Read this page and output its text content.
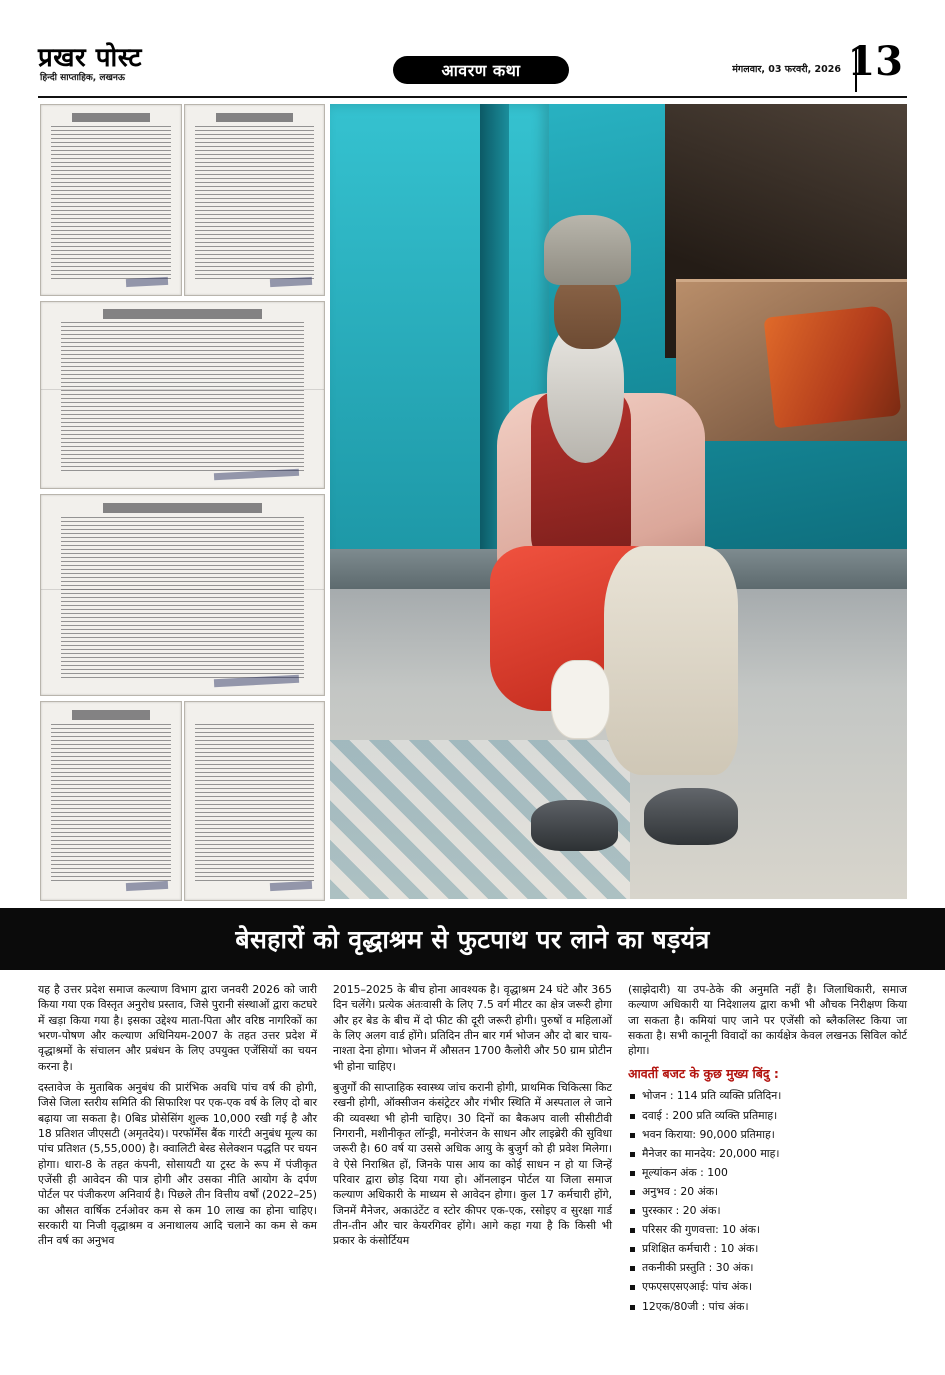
प्रखर पोस्ट
हिन्दी साप्ताहिक, लखनऊ	आवरण कथा	मंगलवार, 03 फरवरी, 2026 13
बेसहारों को वृद्धाश्रम से फुटपाथ पर लाने का षड़यंत्र

यह है उत्तर प्रदेश समाज कल्याण विभाग द्वारा जनवरी 2026 को जारी किया गया एक विस्तृत अनुरोध प्रस्ताव, जिसे पुरानी संस्थाओं द्वारा कटघरे में खड़ा किया गया है। इसका उद्देश्य माता-पिता और वरिष्ठ नागरिकों का भरण-पोषण और कल्याण अधिनियम-2007 के तहत उत्तर प्रदेश में वृद्धाश्रमों के संचालन और प्रबंधन के लिए उपयुक्त एजेंसियों का चयन करना है।

दस्तावेज के मुताबिक अनुबंध की प्रारंभिक अवधि पांच वर्ष की होगी, जिसे जिला स्तरीय समिति की सिफारिश पर एक-एक वर्ष के लिए दो बार बढ़ाया जा सकता है। 0बिड प्रोसेसिंग शुल्क 10,000 रखी गई है और 18 प्रतिशत जीएसटी (अमृतदेय)। परफॉर्मेंस बैंक गारंटी अनुबंध मूल्य का पांच प्रतिशत (5,55,000) है। क्वालिटी बेस्ड सेलेक्शन पद्धति पर चयन होगा। धारा-8 के तहत कंपनी, सोसायटी या ट्रस्ट के रूप में पंजीकृत एजेंसी ही आवेदन की पात्र होगी और उसका नीति आयोग के दर्पण पोर्टल पर पंजीकरण अनिवार्य है। पिछले तीन वित्तीय वर्षों (2022–25) का औसत वार्षिक टर्नओवर कम से कम 10 लाख का होना चाहिए। सरकारी या निजी वृद्धाश्रम व अनाथालय आदि चलाने का कम से कम तीन वर्ष का अनुभव

2015–2025 के बीच होना आवश्यक है। वृद्धाश्रम 24 घंटे और 365 दिन चलेंगे। प्रत्येक अंतःवासी के लिए 7.5 वर्ग मीटर का क्षेत्र जरूरी होगा और हर बेड के बीच में दो फीट की दूरी जरूरी होगी। पुरुषों व महिलाओं के लिए अलग वार्ड होंगे। प्रतिदिन तीन बार गर्म भोजन और दो बार चाय-नाश्ता देना होगा। भोजन में औसतन 1700 कैलोरी और 50 ग्राम प्रोटीन भी होना चाहिए।

बुजुर्गों की साप्ताहिक स्वास्थ्य जांच करानी होगी, प्राथमिक चिकित्सा किट रखनी होगी, ऑक्सीजन कंसंट्रेटर और गंभीर स्थिति में अस्पताल ले जाने की व्यवस्था भी होनी चाहिए। 30 दिनों का बैकअप वाली सीसीटीवी निगरानी, मशीनीकृत लॉन्ड्री, मनोरंजन के साधन और लाइब्रेरी की सुविधा जरूरी है। 60 वर्ष या उससे अधिक आयु के बुजुर्ग को ही प्रवेश मिलेगा। वे ऐसे निराश्रित हों, जिनके पास आय का कोई साधन न हो या जिन्हें परिवार द्वारा छोड़ दिया गया हो। ऑनलाइन पोर्टल या जिला समाज कल्याण अधिकारी के माध्यम से आवेदन होगा। कुल 17 कर्मचारी होंगे, जिनमें मैनेजर, अकाउंटेंट व स्टोर कीपर एक-एक, रसोइए व सुरक्षा गार्ड तीन-तीन और चार केयरगिवर होंगे। आगे कहा गया है कि किसी भी प्रकार के कंसोर्टियम

(साझेदारी) या उप-ठेके की अनुमति नहीं है। जिलाधिकारी, समाज कल्याण अधिकारी या निदेशालय द्वारा कभी भी औचक निरीक्षण किया जा सकता है। कमियां पाए जाने पर एजेंसी को ब्लैकलिस्ट किया जा सकता है। सभी कानूनी विवादों का कार्यक्षेत्र केवल लखनऊ सिविल कोर्ट होगा।

आवर्ती बजट के कुछ मुख्य बिंदु :
भोजन : 114 प्रति व्यक्ति प्रतिदिन।
दवाई : 200 प्रति व्यक्ति प्रतिमाह।
भवन किराया: 90,000 प्रतिमाह।
मैनेजर का मानदेय: 20,000 माह।
मूल्यांकन अंक : 100
अनुभव : 20 अंक।
पुरस्कार : 20 अंक।
परिसर की गुणवत्ता: 10 अंक।
प्रशिक्षित कर्मचारी : 10 अंक।
तकनीकी प्रस्तुति : 30 अंक।
एफएसएसएआई: पांच अंक।
12एक/80जी : पांच अंक।
